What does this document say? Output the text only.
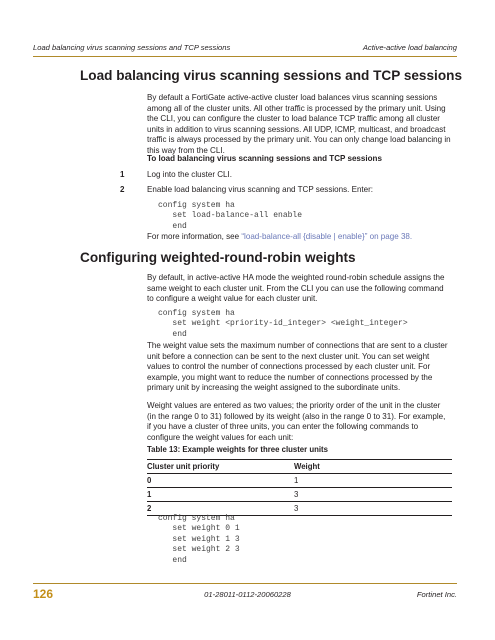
Load balancing virus scanning sessions and TCP sessions	Active-active load balancing
Load balancing virus scanning sessions and TCP sessions

By default a FortiGate active-active cluster load balances virus scanning sessions among all of the cluster units. All other traffic is processed by the primary unit. Using the CLI, you can configure the cluster to load balance TCP traffic among all cluster units in addition to virus scanning sessions. All UDP, ICMP, multicast, and broadcast traffic is always processed by the primary unit. You can only change load balancing in this way from the CLI.

To load balancing virus scanning sessions and TCP sessions
1	Log into the cluster CLI.
2	Enable load balancing virus scanning and TCP sessions. Enter:
config system ha
set load-balance-all enable
end
For more information, see “load-balance-all {disable | enable}” on page 38.
Configuring weighted-round-robin weights
By default, in active-active HA mode the weighted round-robin schedule assigns the same weight to each cluster unit. From the CLI you can use the following command to configure a weight value for each cluster unit.
config system ha
set weight <priority-id_integer> <weight_integer>
end
The weight value sets the maximum number of connections that are sent to a cluster unit before a connection can be sent to the next cluster unit. You can set weight values to control the number of connections processed by each cluster unit. For example, you might want to reduce the number of connections processed by the primary unit by increasing the weight assigned to the subordinate units.
Weight values are entered as two values; the priority order of the unit in the cluster (in the range 0 to 31) followed by its weight (also in the range 0 to 31). For example, if you have a cluster of three units, you can enter the following commands to configure the weight values for each unit:
Table 13: Example weights for three cluster units
Cluster unit priority	Weight
0	1
1	3
2	3
config system ha
set weight 0 1
set weight 1 3
set weight 2 3
end
126	01-28011-0112-20060228	Fortinet Inc.
